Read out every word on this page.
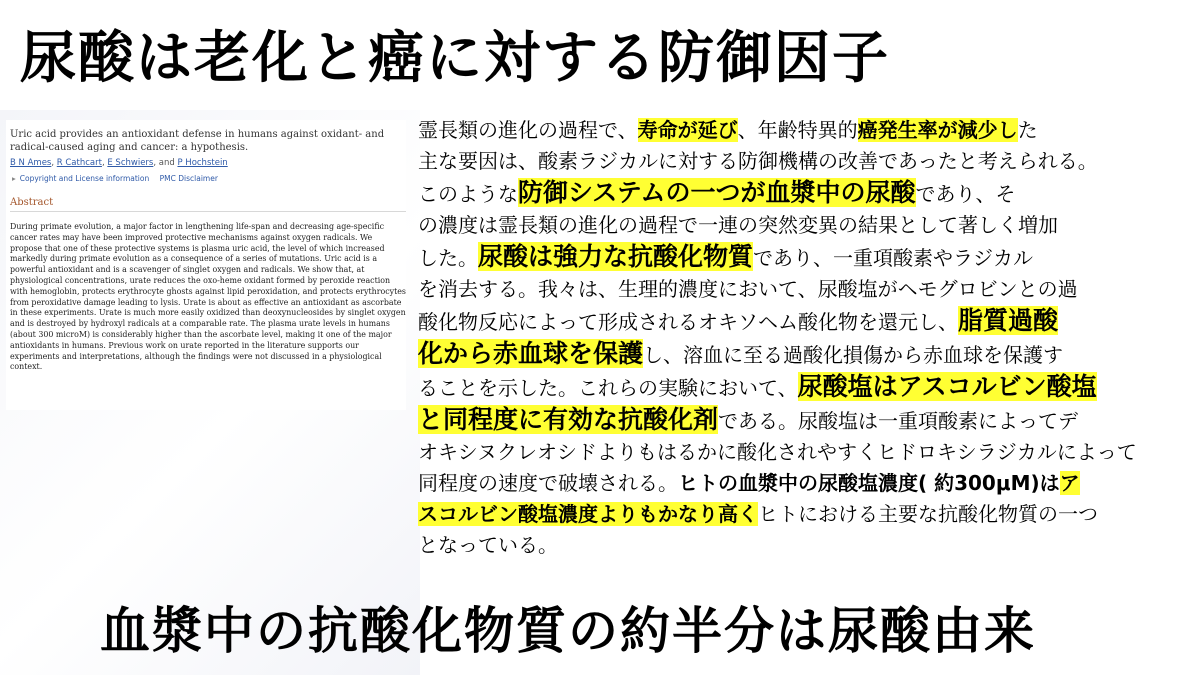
尿酸は老化と癌に対する防御因子
Uric acid provides an antioxidant defense in humans against oxidant- and radical-caused aging and cancer: a hypothesis.
B N Ames, R Cathcart, E Schwiers, and P Hochstein
▸ Copyright and License information PMC Disclaimer
Abstract
During primate evolution, a major factor in lengthening life-span and decreasing age-specific cancer rates may have been improved protective mechanisms against oxygen radicals. We propose that one of these protective systems is plasma uric acid, the level of which increased markedly during primate evolution as a consequence of a series of mutations. Uric acid is a powerful antioxidant and is a scavenger of singlet oxygen and radicals. We show that, at physiological concentrations, urate reduces the oxo-heme oxidant formed by peroxide reaction with hemoglobin, protects erythrocyte ghosts against lipid peroxidation, and protects erythrocytes from peroxidative damage leading to lysis. Urate is about as effective an antioxidant as ascorbate in these experiments. Urate is much more easily oxidized than deoxynucleosides by singlet oxygen and is destroyed by hydroxyl radicals at a comparable rate. The plasma urate levels in humans (about 300 microM) is considerably higher than the ascorbate level, making it one of the major antioxidants in humans. Previous work on urate reported in the literature supports our experiments and interpretations, although the findings were not discussed in a physiological context.
霊長類の進化の過程で、寿命が延び、年齢特異的癌発生率が減少した
主な要因は、酸素ラジカルに対する防御機構の改善であったと考えられる。
このような防御システムの一つが血漿中の尿酸であり、そ
の濃度は霊長類の進化の過程で一連の突然変異の結果として著しく増加
した。尿酸は強力な抗酸化物質であり、一重項酸素やラジカル
を消去する。我々は、生理的濃度において、尿酸塩がヘモグロビンとの過
酸化物反応によって形成されるオキソヘム酸化物を還元し、脂質過酸
化から赤血球を保護し、溶血に至る過酸化損傷から赤血球を保護す
ることを示した。これらの実験において、尿酸塩はアスコルビン酸塩
と同程度に有効な抗酸化剤である。尿酸塩は一重項酸素によってデ
オキシヌクレオシドよりもはるかに酸化されやすくヒドロキシラジカルによって
同程度の速度で破壊される。ヒトの血漿中の尿酸塩濃度( 約300μM)はア
スコルビン酸塩濃度よりもかなり高くヒトにおける主要な抗酸化物質の一つ
となっている。
血漿中の抗酸化物質の約半分は尿酸由来
